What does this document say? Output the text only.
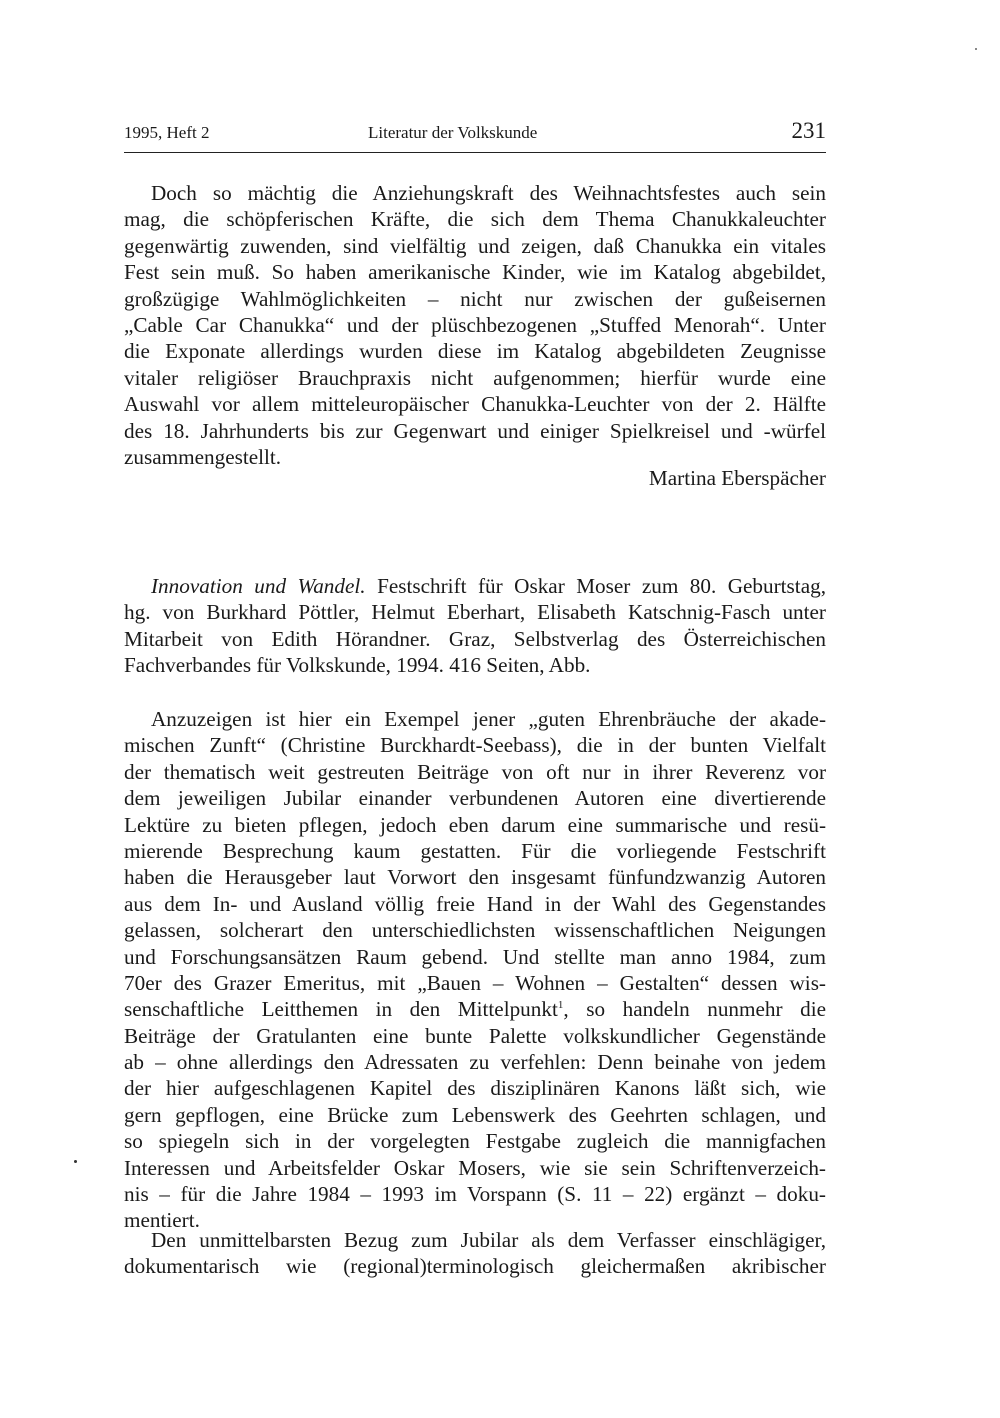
1995, Heft 2	Literatur der Volkskunde	231
Doch so mächtig die Anziehungskraft des Weihnachtsfestes auch sein
mag, die schöpferischen Kräfte, die sich dem Thema Chanukkaleuchter
gegenwärtig zuwenden, sind vielfältig und zeigen, daß Chanukka ein vitales
Fest sein muß. So haben amerikanische Kinder, wie im Katalog abgebildet,
großzügige Wahlmöglichkeiten – nicht nur zwischen der gußeisernen
„Cable Car Chanukka“ und der plüschbezogenen „Stuffed Menorah“. Unter
die Exponate allerdings wurden diese im Katalog abgebildeten Zeugnisse
vitaler religiöser Brauchpraxis nicht aufgenommen; hierfür wurde eine
Auswahl vor allem mitteleuropäischer Chanukka-Leuchter von der 2. Hälfte
des 18. Jahrhunderts bis zur Gegenwart und einiger Spielkreisel und -würfel
zusammengestellt.
Martina Eberspächer
Innovation und Wandel. Festschrift für Oskar Moser zum 80. Geburtstag,
hg. von Burkhard Pöttler, Helmut Eberhart, Elisabeth Katschnig-Fasch unter
Mitarbeit von Edith Hörandner. Graz, Selbstverlag des Österreichischen
Fachverbandes für Volkskunde, 1994. 416 Seiten, Abb.
Anzuzeigen ist hier ein Exempel jener „guten Ehrenbräuche der akade-
mischen Zunft“ (Christine Burckhardt-Seebass), die in der bunten Vielfalt
der thematisch weit gestreuten Beiträge von oft nur in ihrer Reverenz vor
dem jeweiligen Jubilar einander verbundenen Autoren eine divertierende
Lektüre zu bieten pflegen, jedoch eben darum eine summarische und resü-
mierende Besprechung kaum gestatten. Für die vorliegende Festschrift
haben die Herausgeber laut Vorwort den insgesamt fünfundzwanzig Autoren
aus dem In- und Ausland völlig freie Hand in der Wahl des Gegenstandes
gelassen, solcherart den unterschiedlichsten wissenschaftlichen Neigungen
und Forschungsansätzen Raum gebend. Und stellte man anno 1984, zum
70er des Grazer Emeritus, mit „Bauen – Wohnen – Gestalten“ dessen wis-
senschaftliche Leitthemen in den Mittelpunkt$^1$, so handeln nunmehr die
Beiträge der Gratulanten eine bunte Palette volkskundlicher Gegenstände
ab – ohne allerdings den Adressaten zu verfehlen: Denn beinahe von jedem
der hier aufgeschlagenen Kapitel des disziplinären Kanons läßt sich, wie
gern gepflogen, eine Brücke zum Lebenswerk des Geehrten schlagen, und
so spiegeln sich in der vorgelegten Festgabe zugleich die mannigfachen
Interessen und Arbeitsfelder Oskar Mosers, wie sie sein Schriftenverzeich-
nis – für die Jahre 1984 – 1993 im Vorspann (S. 11 – 22) ergänzt – doku-
mentiert.
Den unmittelbarsten Bezug zum Jubilar als dem Verfasser einschlägiger,
dokumentarisch wie (regional)terminologisch gleichermaßen akribischer
